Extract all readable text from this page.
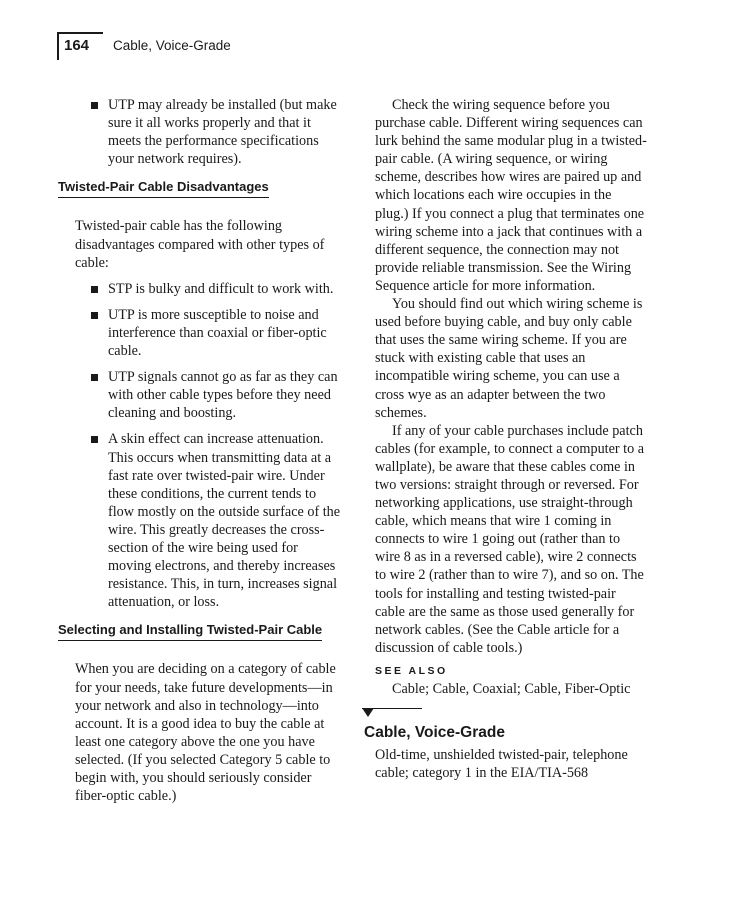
164 Cable, Voice-Grade
UTP may already be installed (but make sure it all works properly and that it meets the performance specifications your network requires).
Twisted-Pair Cable Disadvantages

Twisted-pair cable has the following disadvantages compared with other types of cable:

STP is bulky and difficult to work with.
UTP is more susceptible to noise and interference than coaxial or fiber-optic cable.
UTP signals cannot go as far as they can with other cable types before they need cleaning and boosting.
A skin effect can increase attenuation. This occurs when transmitting data at a fast rate over twisted-pair wire. Under these conditions, the current tends to flow mostly on the outside surface of the wire. This greatly decreases the cross-section of the wire being used for moving electrons, and thereby increases resistance. This, in turn, increases signal attenuation, or loss.
Selecting and Installing Twisted-Pair Cable

When you are deciding on a category of cable for your needs, take future developments—in your network and also in technology—into account. It is a good idea to buy the cable at least one category above the one you have selected. (If you selected Category 5 cable to begin with, you should seriously consider fiber-optic cable.)

Check the wiring sequence before you purchase cable. Different wiring sequences can lurk behind the same modular plug in a twisted-pair cable. (A wiring sequence, or wiring scheme, describes how wires are paired up and which locations each wire occupies in the plug.) If you connect a plug that terminates one wiring scheme into a jack that continues with a different sequence, the connection may not provide reliable transmission. See the Wiring Sequence article for more information.

You should find out which wiring scheme is used before buying cable, and buy only cable that uses the same wiring scheme. If you are stuck with existing cable that uses an incompatible wiring scheme, you can use a cross wye as an adapter between the two schemes.

If any of your cable purchases include patch cables (for example, to connect a computer to a wallplate), be aware that these cables come in two versions: straight through or reversed. For networking applications, use straight-through cable, which means that wire 1 coming in connects to wire 1 going out (rather than to wire 8 as in a reversed cable), wire 2 connects to wire 2 (rather than to wire 7), and so on. The tools for installing and testing twisted-pair cable are the same as those used generally for network cables. (See the Cable article for a discussion of cable tools.)

SEE ALSO

Cable; Cable, Coaxial; Cable, Fiber-Optic

Cable, Voice-Grade

Old-time, unshielded twisted-pair, telephone cable; category 1 in the EIA/TIA-568
